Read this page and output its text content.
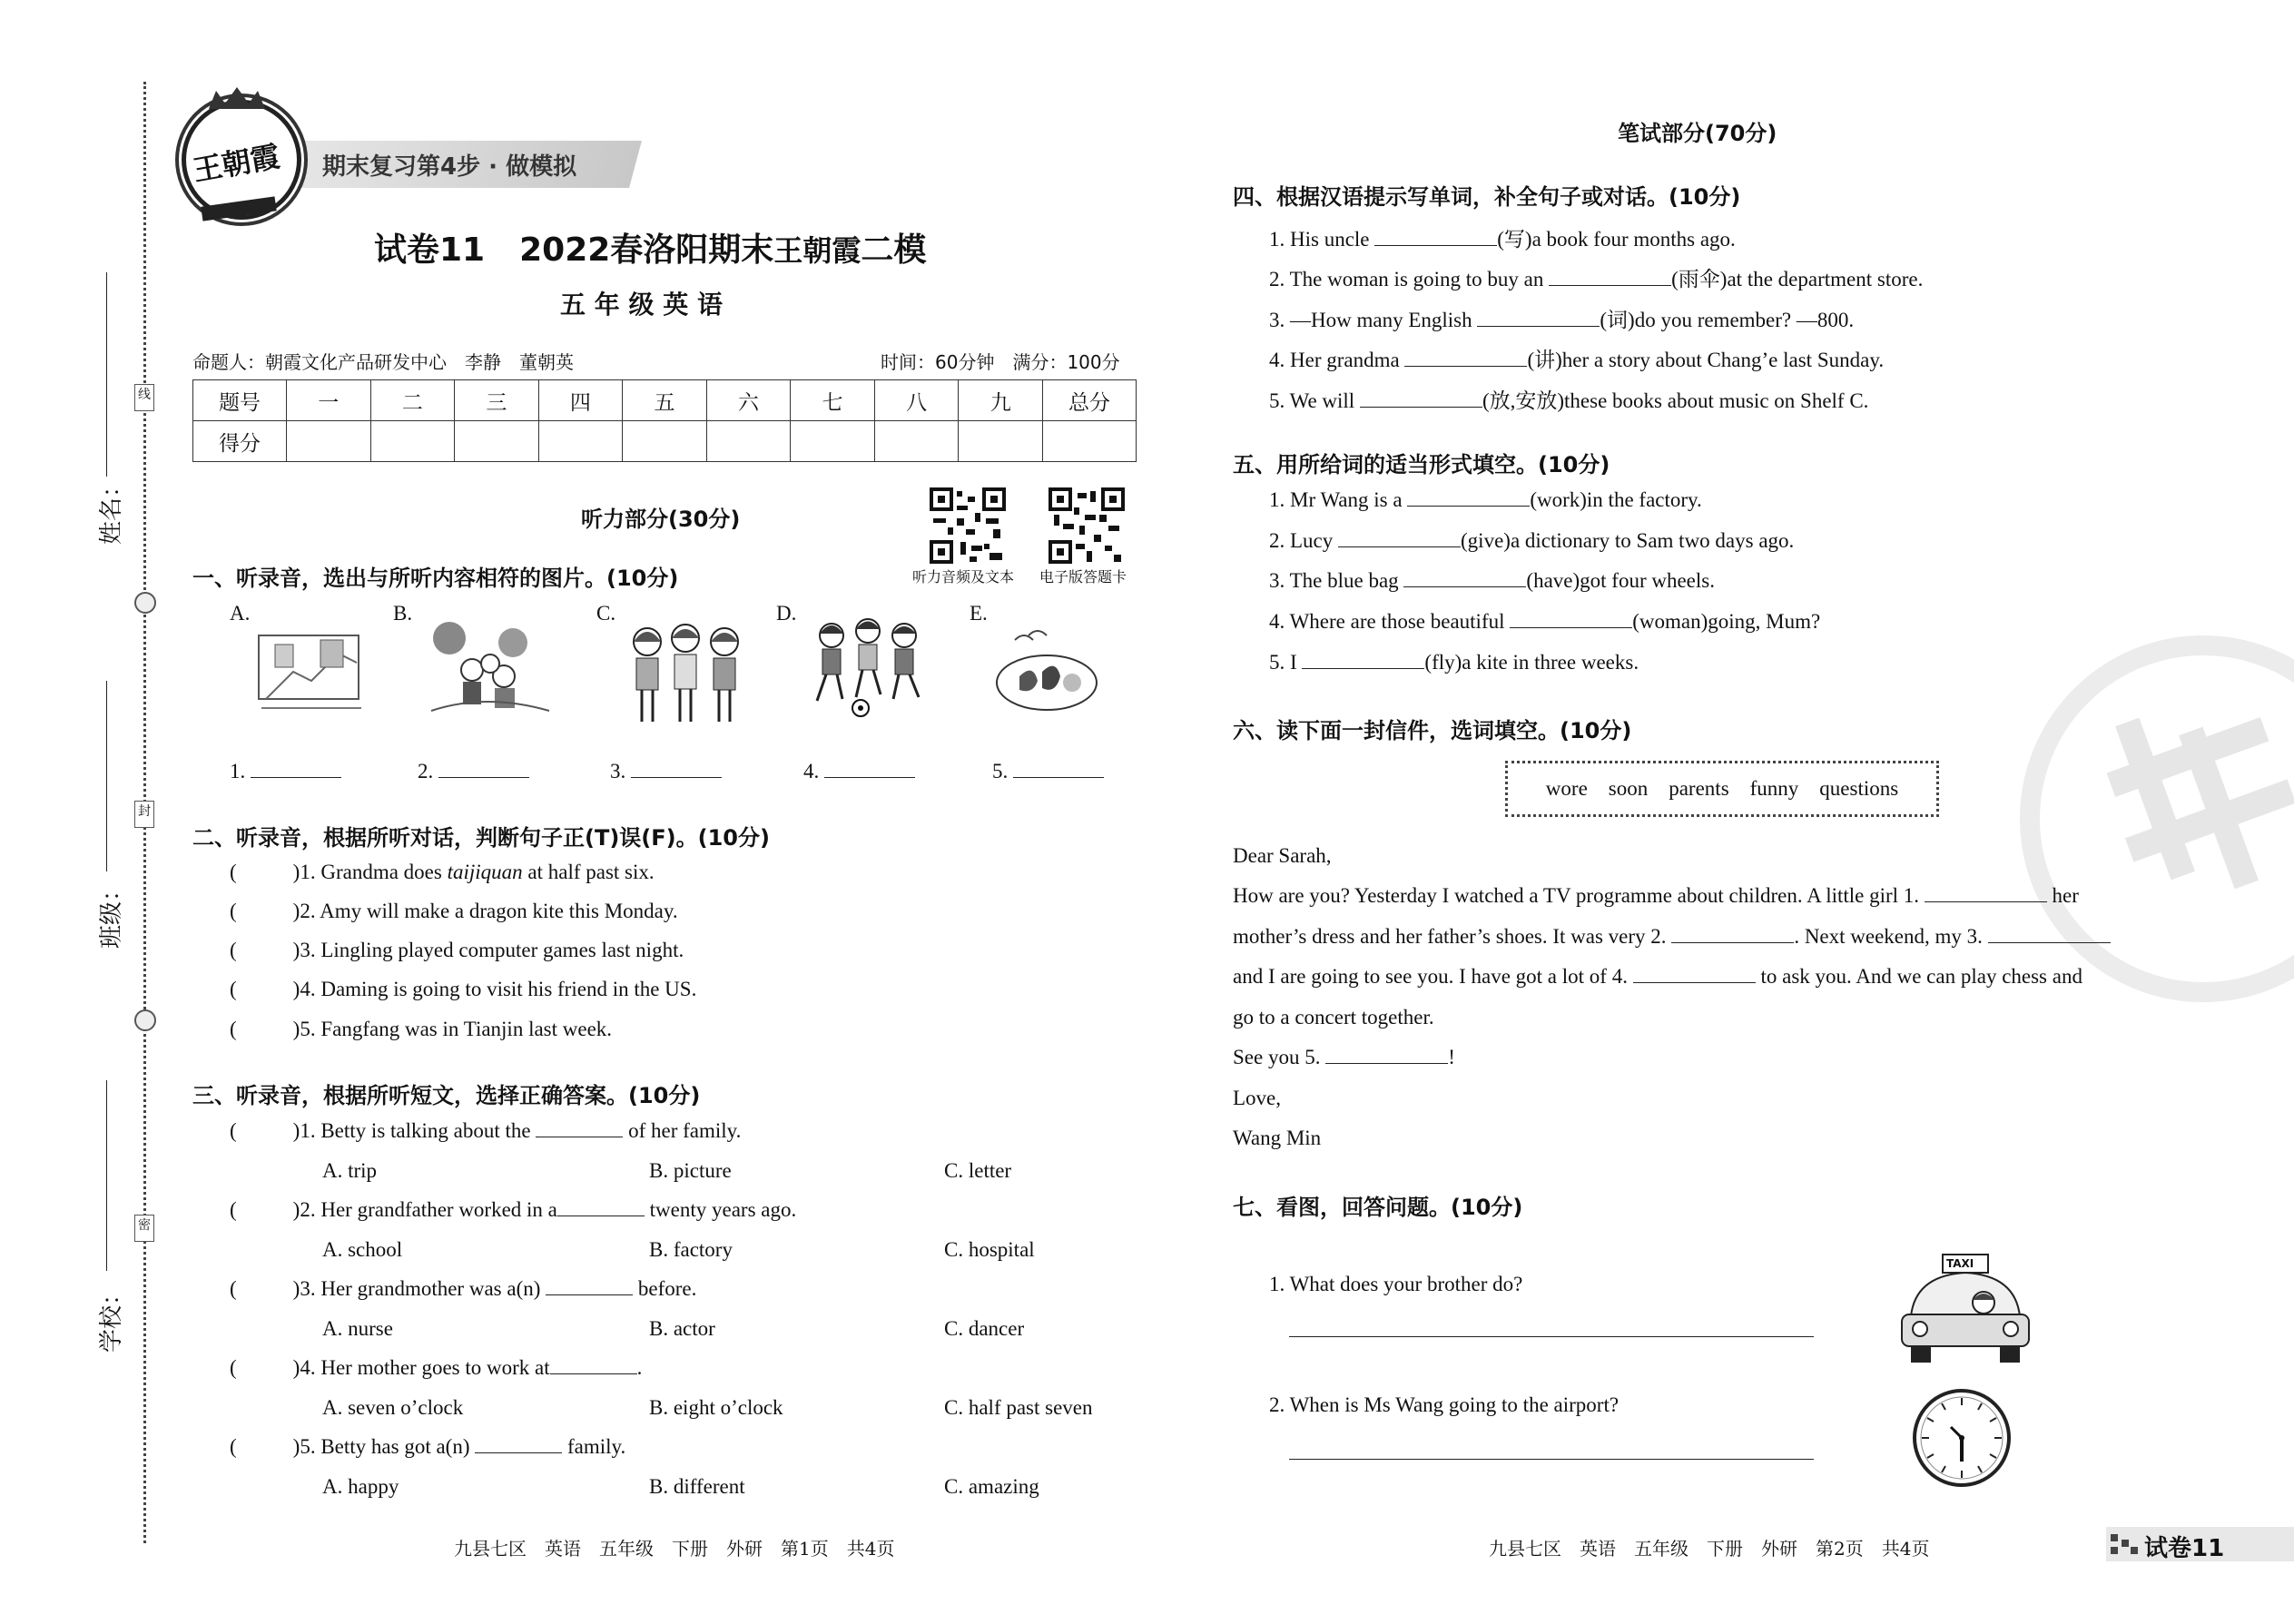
线
封
密
姓名：
班级：
学校：
期末复习第4步 · 做模拟
王朝霞
试卷11 2022春洛阳期末王朝霞二模
五 年 级 英 语
命题人：朝霞文化产品研发中心　李静　董朝英	时间：60分钟　满分：100分
题号	一	二	三	四	五	六	七	八	九	总分
得分										
听力部分(30分)
听力音频及文本 电子版答题卡
一、听录音，选出与所听内容相符的图片。(10分)
A.	B.	C.	D.	E.
1.	2.	3.	4.	5.
二、听录音，根据所听对话，判断句子正(T)误(F)。(10分)
(	)1. Grandma does taijiquan at half past six.
(	)2. Amy will make a dragon kite this Monday.
(	)3. Lingling played computer games last night.
(	)4. Daming is going to visit his friend in the US.
(	)5. Fangfang was in Tianjin last week.
三、听录音，根据所听短文，选择正确答案。(10分)
(	)1. Betty is talking about the	of her family.
A. trip	B. picture	C. letter
(	)2. Her grandfather worked in a	twenty years ago.
A. school	B. factory	C. hospital
(	)3. Her grandmother was a(n)	before.
A. nurse	B. actor	C. dancer
(	)4. Her mother goes to work at	.
A. seven o’clock	B. eight o’clock	C. half past seven
(	)5. Betty has got a(n)	family.
A. happy	B. different	C. amazing
九县七区　英语　五年级　下册　外研　第1页　共4页
笔试部分(70分)
四、根据汉语提示写单词，补全句子或对话。(10分)
1. His uncle	(写)a book four months ago.
2. The woman is going to buy an	(雨伞)at the department store.
3. —How many English	(词)do you remember? —800.
4. Her grandma	(讲)her a story about Chang’e last Sunday.
5. We will	(放,安放)these books about music on Shelf C.
五、用所给词的适当形式填空。(10分)
1. Mr Wang is a	(work)in the factory.
2. Lucy	(give)a dictionary to Sam two days ago.
3. The blue bag	(have)got four wheels.
4. Where are those beautiful	(woman)going, Mum?
5. I	(fly)a kite in three weeks.
六、读下面一封信件，选词填空。(10分)
wore　soon　parents　funny　questions
Dear Sarah,
How are you? Yesterday I watched a TV programme about children. A little girl 1.	her
mother’s dress and her father’s shoes. It was very 2.	. Next weekend, my 3.
and I are going to see you. I have got a lot of 4.	to ask you. And we can play chess and
go to a concert together.
See you 5.	!
Love,
Wang Min
七、看图，回答问题。(10分)
1. What does your brother do?
2. When is Ms Wang going to the airport?
TAXI
九县七区　英语　五年级　下册　外研　第2页　共4页	试卷11
